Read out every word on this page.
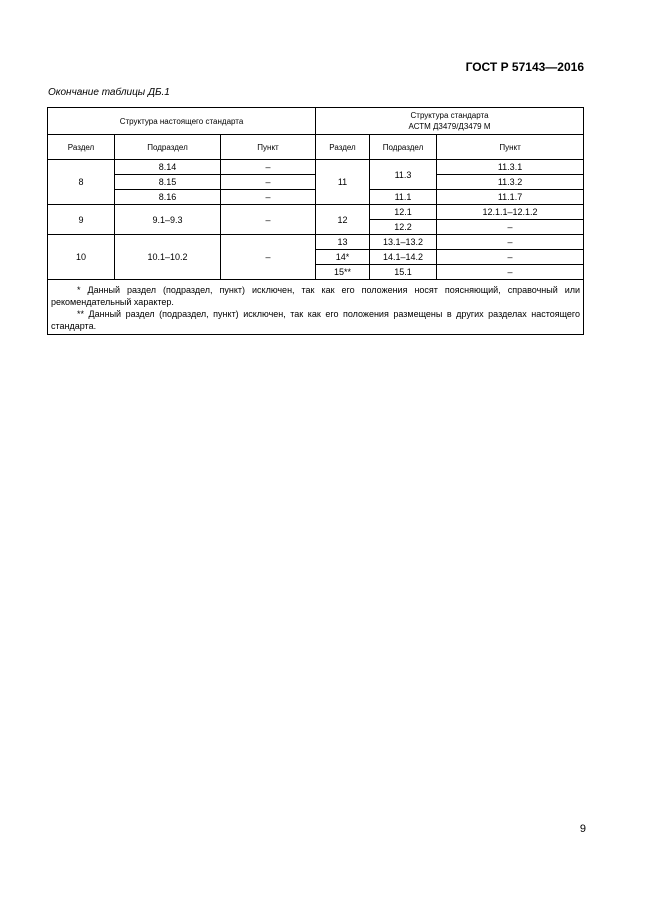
ГОСТ Р 57143—2016
Окончание таблицы ДБ.1
Структура настоящего стандарта			Структура стандарта
АСТМ Д3479/Д3479 М		
Раздел	Подраздел	Пункт	Раздел	Подраздел	Пункт
8	8.14	–	11	11.3	11.3.1
	8.15	–			11.3.2
	8.16	–		11.1	11.1.7
9	9.1–9.3	–	12	12.1	12.1.1–12.1.2
				12.2	–
10	10.1–10.2	–	13	13.1–13.2	–
			14*	14.1–14.2	–
			15**	15.1	–

* Данный раздел (подраздел, пункт) исключен, так как его положения носят поясняющий, справочный или рекомендательный характер.

** Данный раздел (подраздел, пункт) исключен, так как его положения размещены в других разделах настоящего стандарта.					

9
